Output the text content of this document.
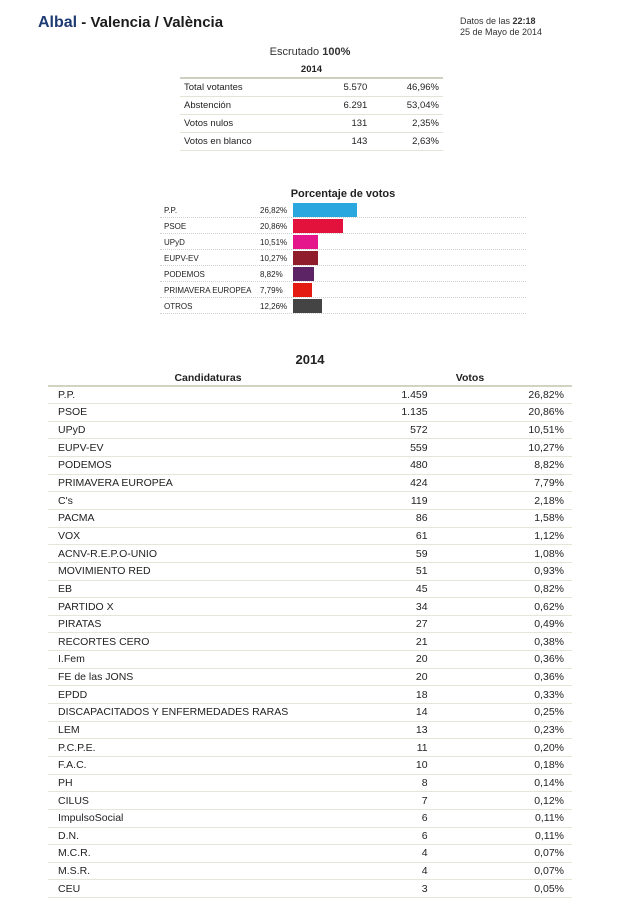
Albal - Valencia / València	Datos de las 22:18
25 de Mayo de 2014
Escrutado 100%
2014		
Total votantes	5.570	46,96%
Abstención	6.291	53,04%
Votos nulos	131	2,35%
Votos en blanco	143	2,63%
Porcentaje de votos
P.P.	26,82%
PSOE	20,86%
UPyD	10,51%
EUPV-EV	10,27%
PODEMOS	8,82%
PRIMAVERA EUROPEA 7,79%
OTROS	12,26%
2014
Candidaturas	Votos	
P.P.	1.459	26,82%
PSOE	1.135	20,86%
UPyD	572	10,51%
EUPV-EV	559	10,27%
PODEMOS	480	8,82%
PRIMAVERA EUROPEA	424	7,79%
C's	119	2,18%
PACMA	86	1,58%
VOX	61	1,12%
ACNV-R.E.P.O-UNIO	59	1,08%
MOVIMIENTO RED	51	0,93%
EB	45	0,82%
PARTIDO X	34	0,62%
PIRATAS	27	0,49%
RECORTES CERO	21	0,38%
I.Fem	20	0,36%
FE de las JONS	20	0,36%
EPDD	18	0,33%
DISCAPACITADOS Y ENFERMEDADES RARAS	14	0,25%
LEM	13	0,23%
P.C.P.E.	11	0,20%
F.A.C.	10	0,18%
PH	8	0,14%
CILUS	7	0,12%
ImpulsoSocial	6	0,11%
D.N.	6	0,11%
M.C.R.	4	0,07%
M.S.R.	4	0,07%
CEU	3	0,05%
